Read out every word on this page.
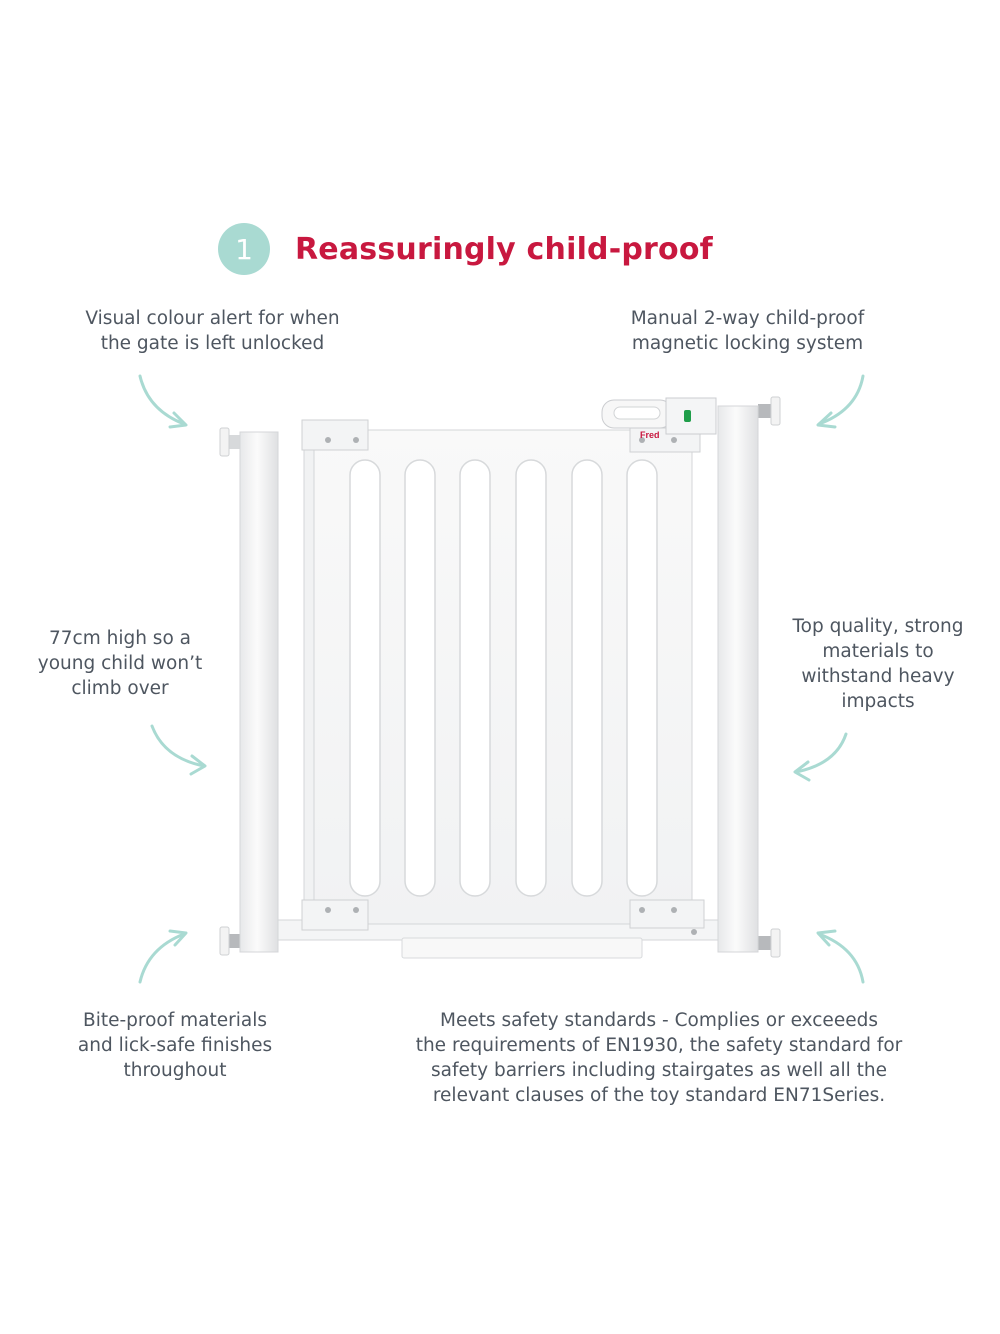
1	Reassuringly child-proof
Visual colour alert for when
the gate is left unlocked
Manual 2-way child-proof
magnetic locking system
77cm high so a
young child won’t
climb over
Top quality, strong
materials to
withstand heavy
impacts
Bite-proof materials
and lick-safe finishes
throughout
Meets safety standards - Complies or exceeeds
the requirements of EN1930, the safety standard for
safety barriers including stairgates as well all the
relevant clauses of the toy standard EN71Series.
Fred
